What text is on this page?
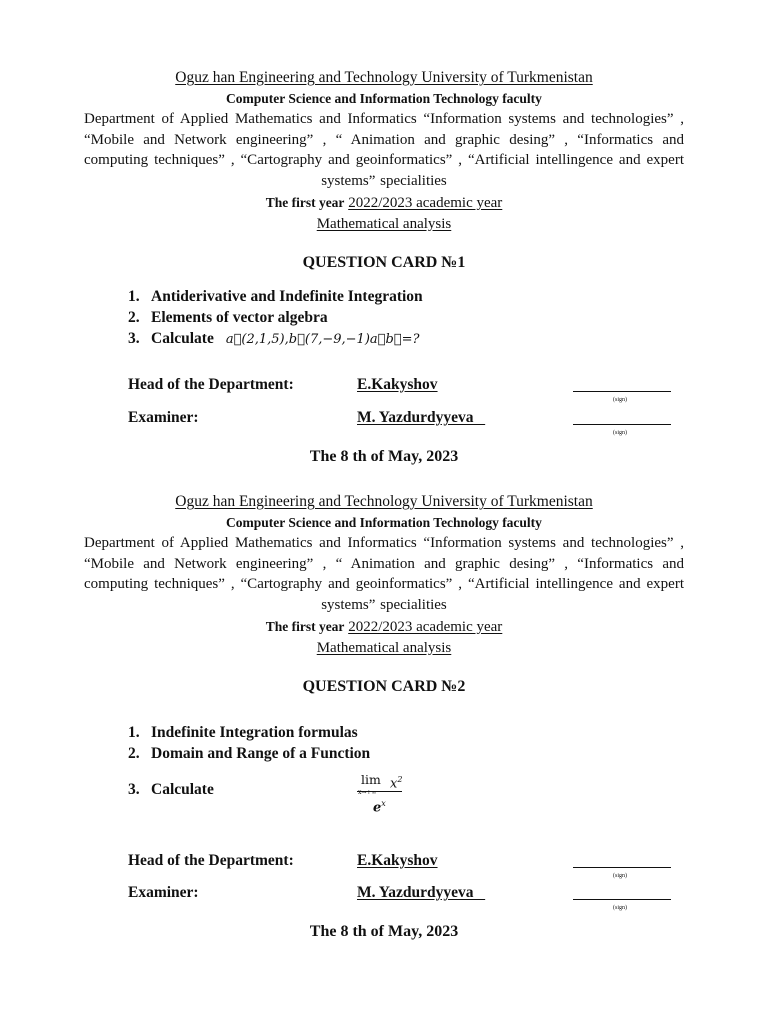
Oguz han Engineering and Technology University of Turkmenistan
Computer Science and Information Technology faculty
Department of Applied Mathematics and Informatics “Information systems and technologies” , “Mobile and Network engineering” , “ Animation and graphic desing” , “Informatics and computing techniques” , “Cartography and geoinformatics” , “Artificial intellingence and expert systems” specialities
The first year 2022/2023 academic year
Mathematical analysis
QUESTION CARD №1
1. Antiderivative and Indefinite Integration
2. Elements of vector algebra
3. Calculate a⃗(2,1,5),b⃗(7,−9,−1)a⃗b⃗=?
Head of the Department:	E.Kakyshov
(sign)
Examiner:	M. Yazdurdyyeva
(sign)
The 8 th of May, 2023
Oguz han Engineering and Technology University of Turkmenistan
Computer Science and Information Technology faculty
Department of Applied Mathematics and Informatics “Information systems and technologies” , “Mobile and Network engineering” , “ Animation and graphic desing” , “Informatics and computing techniques” , “Cartography and geoinformatics” , “Artificial intellingence and expert systems” specialities
The first year 2022/2023 academic year
Mathematical analysis
QUESTION CARD №2
1. Indefinite Integration formulas
2. Domain and Range of a Function
3. Calculate
$\lim x^2$
x→+∞
$e^x$
Head of the Department:	E.Kakyshov
(sign)
Examiner:	M. Yazdurdyyeva
(sign)
The 8 th of May, 2023
